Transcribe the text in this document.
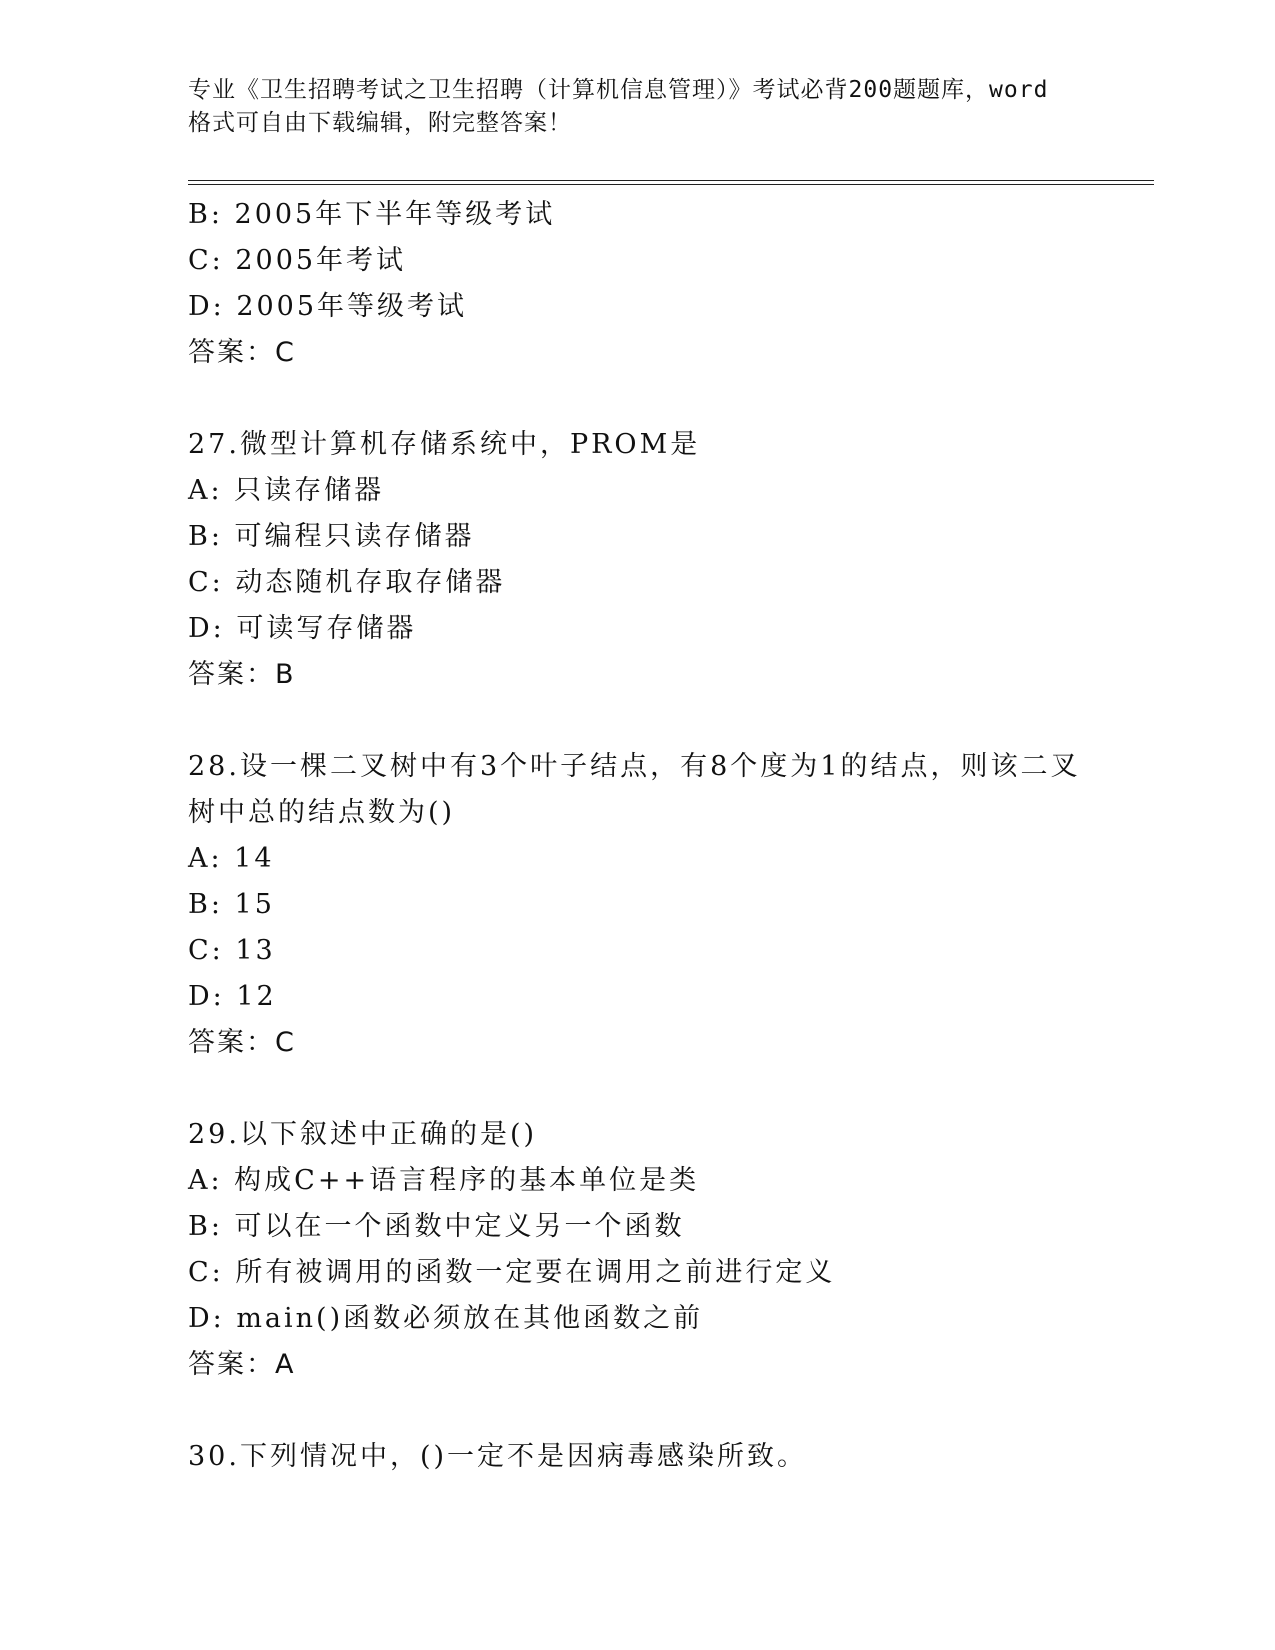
专业《卫生招聘考试之卫生招聘（计算机信息管理）》考试必背200题题库，word
格式可自由下载编辑，附完整答案！
B: 2005年下半年等级考试
C: 2005年考试
D: 2005年等级考试
答案：C
27.微型计算机存储系统中，PROM是
A: 只读存储器
B: 可编程只读存储器
C: 动态随机存取存储器
D: 可读写存储器
答案：B
28.设一棵二叉树中有3个叶子结点，有8个度为1的结点，则该二叉
树中总的结点数为()
A: 14
B: 15
C: 13
D: 12
答案：C
29.以下叙述中正确的是()
A: 构成C++语言程序的基本单位是类
B: 可以在一个函数中定义另一个函数
C: 所有被调用的函数一定要在调用之前进行定义
D: main()函数必须放在其他函数之前
答案：A
30.下列情况中，()一定不是因病毒感染所致。
